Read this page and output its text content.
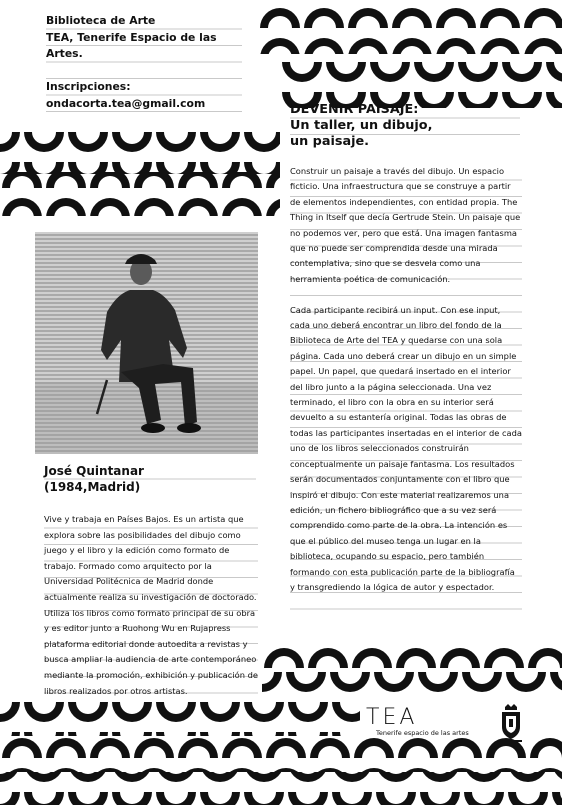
Biblioteca de Arte
TEA, Tenerife Espacio de las
Artes.
Inscripciones:
ondacorta.tea@gmail.com	DEVENIR PAISAJE:
Un taller, un dibujo,
un paisaje.

Construir un paisaje a través del dibujo. Un espacio ficticio. Una infraestructura que se construye a partir de elementos independientes, con entidad propia. The Thing in Itself que decía Gertrude Stein. Un paisaje que no podemos ver, pero que está. Una imagen fantasma que no puede ser comprendida desde una mirada contemplativa, sino que se desvela como una herramienta poética de comunicación.

Cada participante recibirá un input. Con ese input, cada uno deberá encontrar un libro del fondo de la Biblioteca de Arte del TEA y quedarse con una sola página. Cada uno deberá crear un dibujo en un simple papel. Un papel, que quedará insertado en el interior del libro junto a la página seleccionada. Una vez terminado, el libro con la obra en su interior será devuelto a su estantería original. Todas las obras de todas las participantes insertadas en el interior de cada uno de los libros seleccionados construirán conceptualmente un paisaje fantasma. Los resultados serán documentados conjuntamente con el libro que inspiró el dibujo. Con este material realizaremos una edición, un fichero bibliográfico que a su vez será comprendido como parte de la obra. La intención es que el público del museo tenga un lugar en la biblioteca, ocupando su espacio, pero también formando con esta publicación parte de la bibliografía y transgrediendo la lógica de autor y espectador.

José Quintanar
(1984,Madrid)
Vive y trabaja en Países Bajos. Es un artista que explora sobre las posibilidades del dibujo como juego y el libro y la edición como formato de trabajo. Formado como arquitecto por la Universidad Politécnica de Madrid donde actualmente realiza su investigación de doctorado. Utiliza los libros como formato principal de su obra y es editor junto a Ruohong Wu en Rujapress plataforma editorial donde autoedita a revistas y busca ampliar la audiencia de arte contemporáneo mediante la promoción, exhibición y publicación de libros realizados por otros artistas.
TEA
Tenerife espacio de las artes
